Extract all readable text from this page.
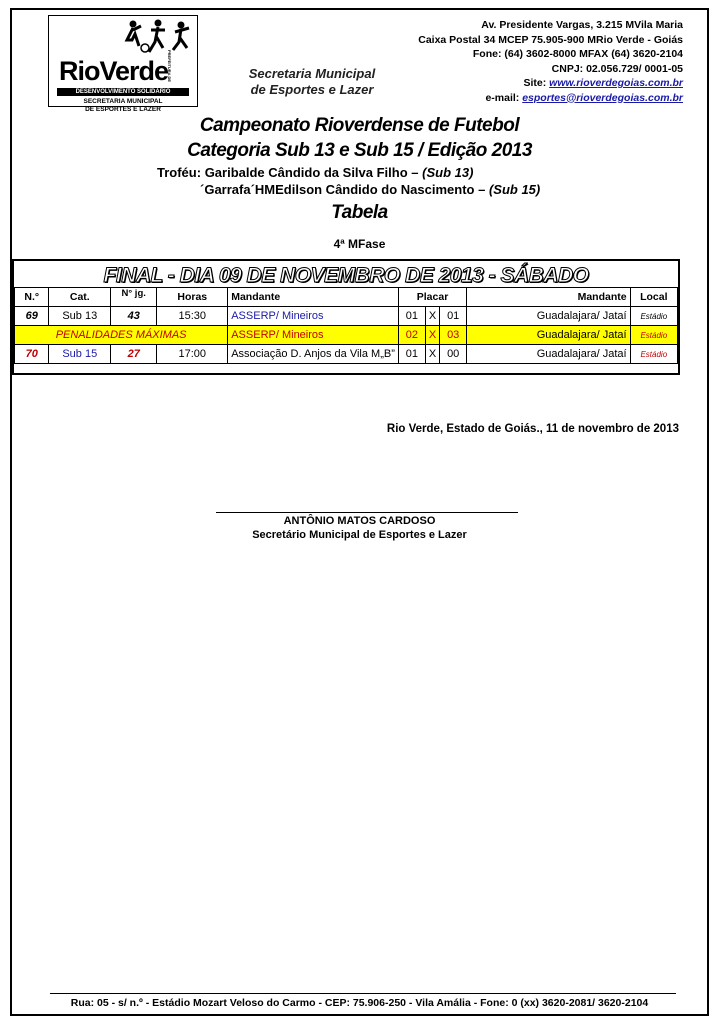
RioVerde
PREFEITURA DE
DESENVOLVIMENTO SOLIDÁRIO
SECRETARIA MUNICIPAL
DE ESPORTES E LAZER
Secretaria Municipal
de Esportes e Lazer
Av. Presidente Vargas, 3.215 MVila Maria
Caixa Postal 34 MCEP 75.905-900 MRio Verde - Goiás
Fone: (64) 3602-8000 MFAX (64) 3620-2104
CNPJ: 02.056.729/ 0001-05
Site: www.rioverdegoias.com.br
e-mail: esportes@rioverdegoias.com.br
Campeonato Rioverdense de Futebol
Categoria Sub 13 e Sub 15 / Edição 2013
Troféu: Garibalde Cândido da Silva Filho – (Sub 13)
´Garrafa´HMEdilson Cândido do Nascimento – (Sub 15)
Tabela
4ª MFase
FINAL - DIA 09 DE NOVEMBRO DE 2013 - SÁBADO
N.°	Cat.	N° jg.	Horas	Mandante	Placar			Mandante	Local
69	Sub 13	43	15:30	ASSERP/ Mineiros	01	X	01	Guadalajara/ Jataí	Estádio
PENALIDADES MÁXIMAS				ASSERP/ Mineiros	02	X	03	Guadalajara/ Jataí	Estádio
70	Sub 15	27	17:00	Associação D. Anjos da Vila M„B”	01	X	00	Guadalajara/ Jataí	Estádio
Rio Verde, Estado de Goiás., 11 de novembro de 2013
ANTÔNIO MATOS CARDOSO
Secretário Municipal de Esportes e Lazer
Rua: 05 - s/ n.º - Estádio Mozart Veloso do Carmo - CEP: 75.906-250 - Vila Amália - Fone: 0 (xx) 3620-2081/ 3620-2104
